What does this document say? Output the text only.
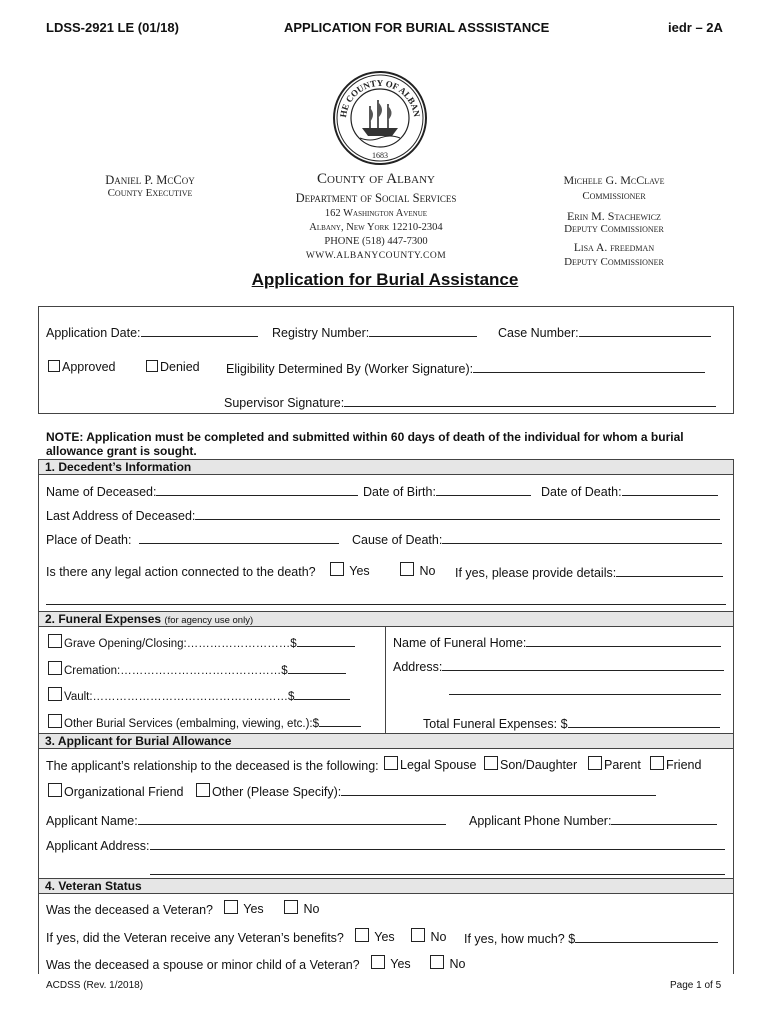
LDSS-2921 LE (01/18)	APPLICATION FOR BURIAL ASSSISTANCE	iedr – 2A
HE COUNTY OF ALBAN
1683
Daniel P. McCoy
County Executive
County of Albany
Department of Social Services
162 Washington Avenue
Albany, New York 12210-2304
PHONE (518) 447-7300
WWW.ALBANYCOUNTY.COM
Michele G. McClave
Commissioner
Erin M. Stachewicz
Deputy Commissioner
Lisa A. freedman
Deputy Commissioner
Application for Burial Assistance
Application Date:	Registry Number:	Case Number:
Approved	Denied Eligibility Determined By (Worker Signature):
Supervisor Signature:
NOTE: Application must be completed and submitted within 60 days of death of the individual for whom a burial allowance grant is sought.
1. Decedent’s Information
Name of Deceased:	Date of Birth:	Date of Death:
Last Address of Deceased:
Place of Death:	Cause of Death:
Is there any legal action connected to the death?	Yes	No If yes, please provide details:
2. Funeral Expenses (for agency use only)
Grave Opening/Closing:………………………$
Cremation:……………………………………$
Vault:……………………………………………$
Other Burial Services (embalming, viewing, etc.):$
Name of Funeral Home:
Address:
Total Funeral Expenses: $
3. Applicant for Burial Allowance
The applicant’s relationship to the deceased is the following:	Legal Spouse	Son/Daughter	Parent	Friend
Organizational Friend	Other (Please Specify):
Applicant Name:	Applicant Phone Number:
Applicant Address:
4. Veteran Status
Was the deceased a Veteran?	Yes	No
If yes, did the Veteran receive any Veteran’s benefits?	Yes	No If yes, how much? $
Was the deceased a spouse or minor child of a Veteran?	Yes	No
ACDSS (Rev. 1/2018)	Page 1 of 5
